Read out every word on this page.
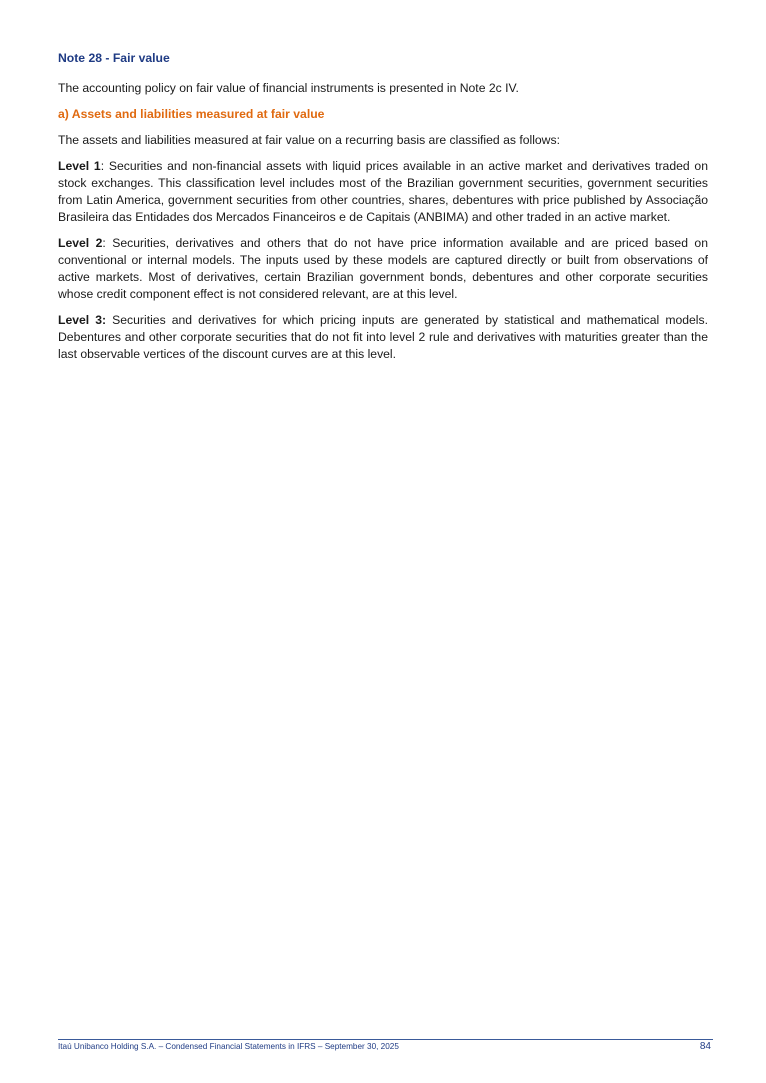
Note 28 - Fair value

The accounting policy on fair value of financial instruments is presented in Note 2c IV.

a) Assets and liabilities measured at fair value

The assets and liabilities measured at fair value on a recurring basis are classified as follows:

Level 1: Securities and non-financial assets with liquid prices available in an active market and derivatives traded on stock exchanges. This classification level includes most of the Brazilian government securities, government securities from Latin America, government securities from other countries, shares, debentures with price published by Associação Brasileira das Entidades dos Mercados Financeiros e de Capitais (ANBIMA) and other traded in an active market.

Level 2: Securities, derivatives and others that do not have price information available and are priced based on conventional or internal models. The inputs used by these models are captured directly or built from observations of active markets. Most of derivatives, certain Brazilian government bonds, debentures and other corporate securities whose credit component effect is not considered relevant, are at this level.

Level 3: Securities and derivatives for which pricing inputs are generated by statistical and mathematical models. Debentures and other corporate securities that do not fit into level 2 rule and derivatives with maturities greater than the last observable vertices of the discount curves are at this level.

Itaú Unibanco Holding S.A. – Condensed Financial Statements in IFRS – September 30, 2025	84
